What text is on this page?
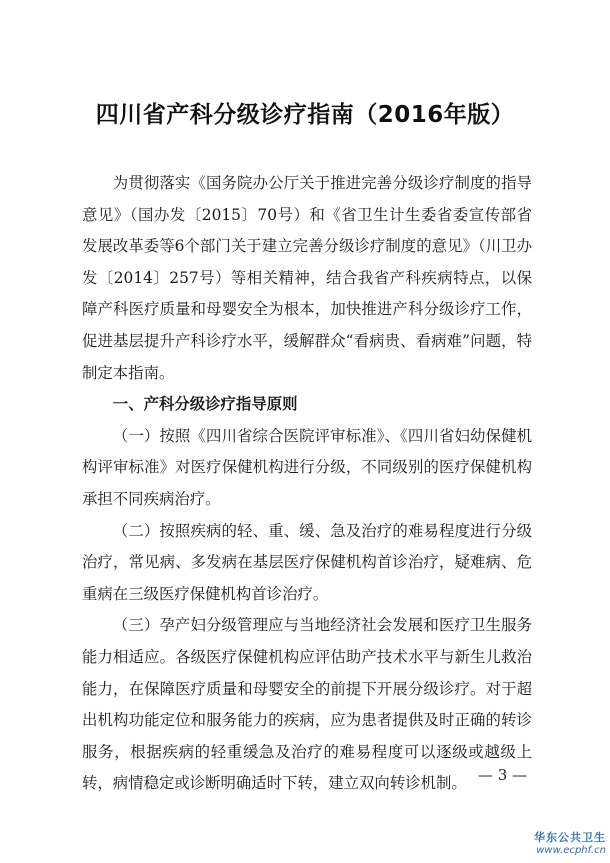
四川省产科分级诊疗指南（2016年版）

为贯彻落实《国务院办公厅关于推进完善分级诊疗制度的指导意见》（国办发〔2015〕70号）和《省卫生计生委省委宣传部省发展改革委等6个部门关于建立完善分级诊疗制度的意见》（川卫办发〔2014〕257号）等相关精神，结合我省产科疾病特点，以保障产科医疗质量和母婴安全为根本，加快推进产科分级诊疗工作，促进基层提升产科诊疗水平，缓解群众“看病贵、看病难”问题，特制定本指南。

一、产科分级诊疗指导原则

（一）按照《四川省综合医院评审标准》、《四川省妇幼保健机构评审标准》对医疗保健机构进行分级，不同级别的医疗保健机构承担不同疾病治疗。

（二）按照疾病的轻、重、缓、急及治疗的难易程度进行分级治疗，常见病、多发病在基层医疗保健机构首诊治疗，疑难病、危重病在三级医疗保健机构首诊治疗。

（三）孕产妇分级管理应与当地经济社会发展和医疗卫生服务能力相适应。各级医疗保健机构应评估助产技术水平与新生儿救治能力，在保障医疗质量和母婴安全的前提下开展分级诊疗。对于超出机构功能定位和服务能力的疾病，应为患者提供及时正确的转诊服务，根据疾病的轻重缓急及治疗的难易程度可以逐级或越级上转，病情稳定或诊断明确适时下转，建立双向转诊机制。 — 3 —
华东公共卫生
www.ecphf.cn
